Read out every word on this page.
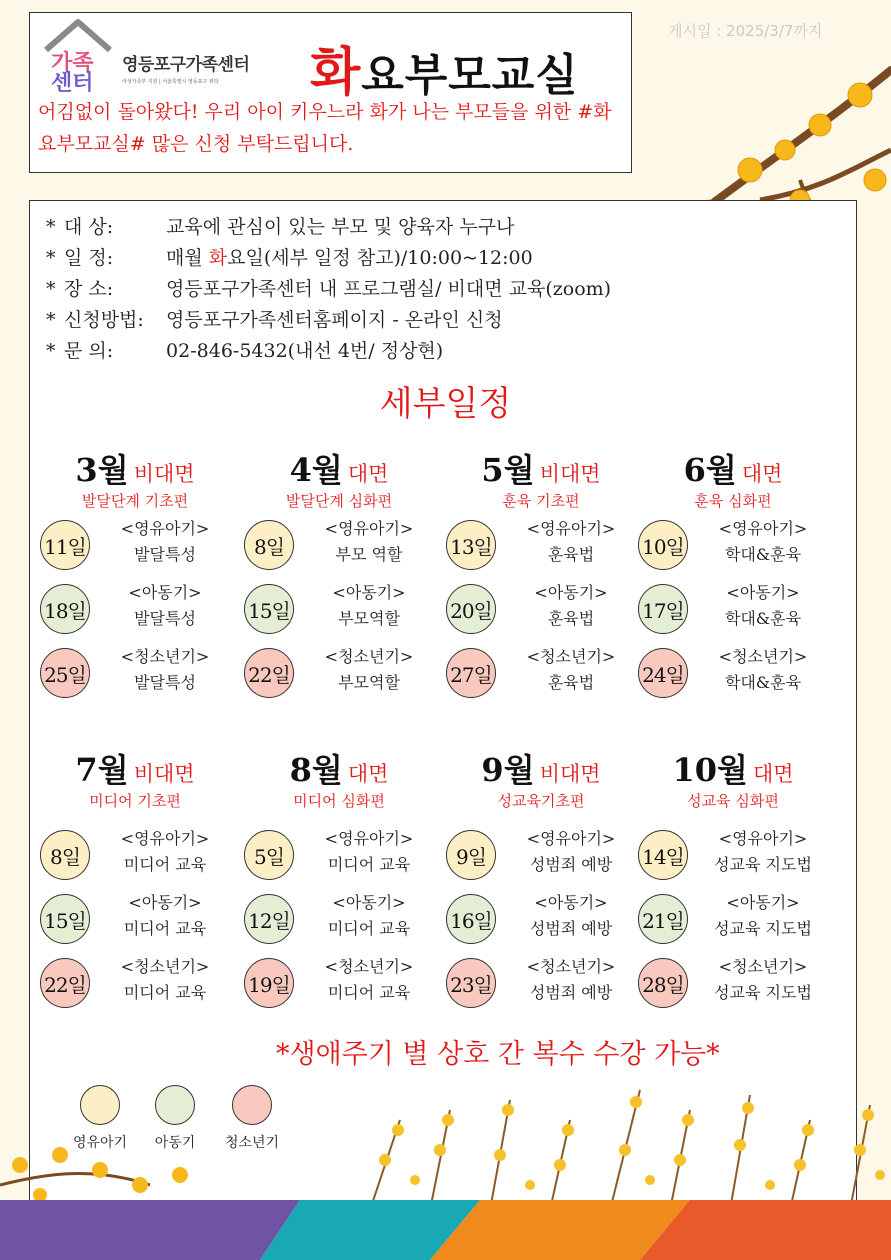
가족
센터
영등포구가족센터
여성가족부 지원 | 서울특별시 영등포구 위탁 화요부모교실
어김없이 돌아왔다! 우리 아이 키우느라 화가 나는 부모들을 위한 #화요부모교실# 많은 신청 부탁드립니다.
게시일 : 2025/3/7까지
* 대 상: 교육에 관심이 있는 부모 및 양육자 누구나
* 일 정: 매월 화요일(세부 일정 참고)/10:00~12:00
* 장 소: 영등포구가족센터 내 프로그램실/ 비대면 교육(zoom)
* 신청방법: 영등포구가족센터홈페이지 - 온라인 신청
* 문 의: 02-846-5432(내선 4번/ 정상현)
세부일정
3월 비대면
발달단계 기초편
11일
<영유아기>
발달특성
18일
<아동기>
발달특성
25일
<청소년기>
발달특성
4월 대면
발달단계 심화편
8일
<영유아기>
부모 역할
15일
<아동기>
부모역할
22일
<청소년기>
부모역할
5월 비대면
훈육 기초편
13일
<영유아기>
훈육법
20일
<아동기>
훈육법
27일
<청소년기>
훈육법
6월 대면
훈육 심화편
10일
<영유아기>
학대&훈육
17일
<아동기>
학대&훈육
24일
<청소년기>
학대&훈육
7월 비대면
미디어 기초편
8일
<영유아기>
미디어 교육
15일
<아동기>
미디어 교육
22일
<청소년기>
미디어 교육
8월 대면
미디어 심화편
5일
<영유아기>
미디어 교육
12일
<아동기>
미디어 교육
19일
<청소년기>
미디어 교육
9월 비대면
성교육기초편
9일
<영유아기>
성범죄 예방
16일
<아동기>
성범죄 예방
23일
<청소년기>
성범죄 예방
10월 대면
성교육 심화편
14일
<영유아기>
성교육 지도법
21일
<아동기>
성교육 지도법
28일
<청소년기>
성교육 지도법
*생애주기 별 상호 간 복수 수강 가능*
영유아기	아동기	청소년기
